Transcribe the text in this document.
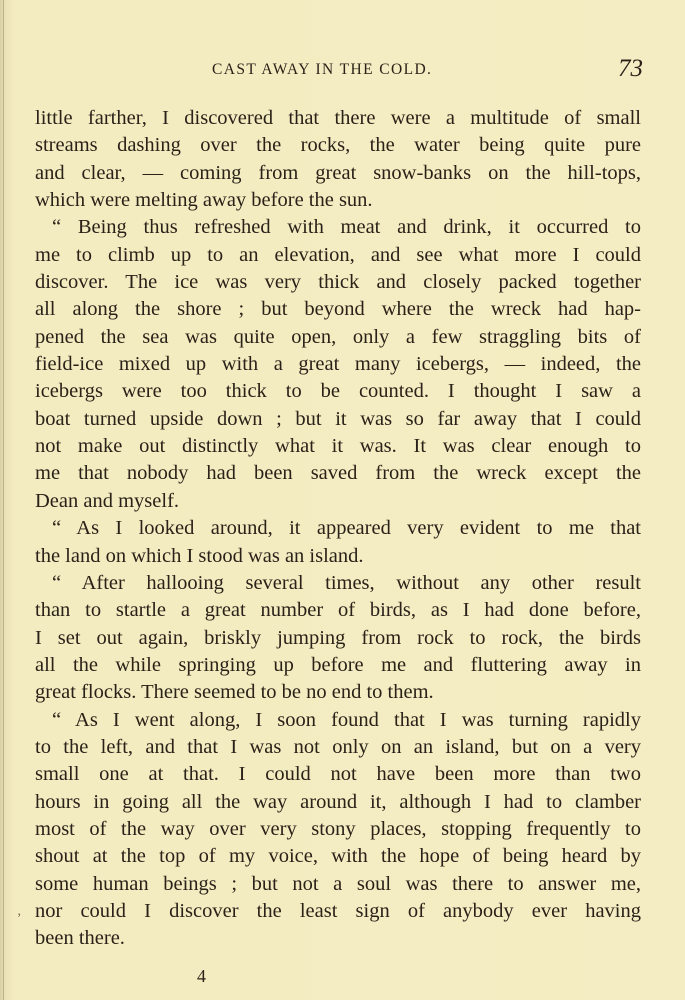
CAST AWAY IN THE COLD.	73
little farther, I discovered that there were a multitude of small
streams dashing over the rocks, the water being quite pure
and clear, — coming from great snow-banks on the hill-tops,
which were melting away before the sun.
“ Being thus refreshed with meat and drink, it occurred to
me to climb up to an elevation, and see what more I could
discover. The ice was very thick and closely packed together
all along the shore ; but beyond where the wreck had hap-
pened the sea was quite open, only a few straggling bits of
field-ice mixed up with a great many icebergs, — indeed, the
icebergs were too thick to be counted. I thought I saw a
boat turned upside down ; but it was so far away that I could
not make out distinctly what it was. It was clear enough to
me that nobody had been saved from the wreck except the
Dean and myself.
“ As I looked around, it appeared very evident to me that
the land on which I stood was an island.
“ After hallooing several times, without any other result
than to startle a great number of birds, as I had done before,
I set out again, briskly jumping from rock to rock, the birds
all the while springing up before me and fluttering away in
great flocks. There seemed to be no end to them.
“ As I went along, I soon found that I was turning rapidly
to the left, and that I was not only on an island, but on a very
small one at that. I could not have been more than two
hours in going all the way around it, although I had to clamber
most of the way over very stony places, stopping frequently to
shout at the top of my voice, with the hope of being heard by
some human beings ; but not a soul was there to answer me,
nor could I discover the least sign of anybody ever having
been there.
’
4
